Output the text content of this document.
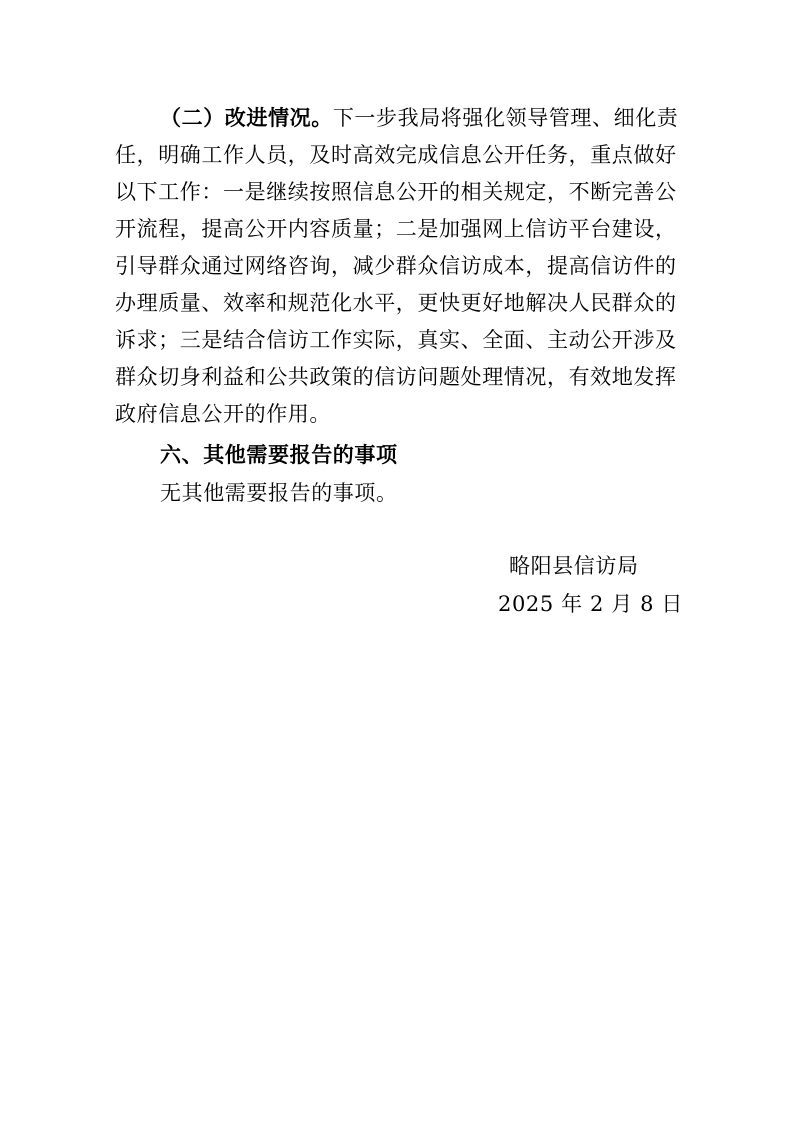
（二）改进情况。下一步我局将强化领导管理、细化责
任，明确工作人员，及时高效完成信息公开任务，重点做好
以下工作：一是继续按照信息公开的相关规定，不断完善公
开流程，提高公开内容质量；二是加强网上信访平台建设，
引导群众通过网络咨询，减少群众信访成本，提高信访件的
办理质量、效率和规范化水平，更快更好地解决人民群众的
诉求；三是结合信访工作实际，真实、全面、主动公开涉及
群众切身利益和公共政策的信访问题处理情况，有效地发挥
政府信息公开的作用。
六、其他需要报告的事项
无其他需要报告的事项。
略阳县信访局
2025 年 2 月 8 日
